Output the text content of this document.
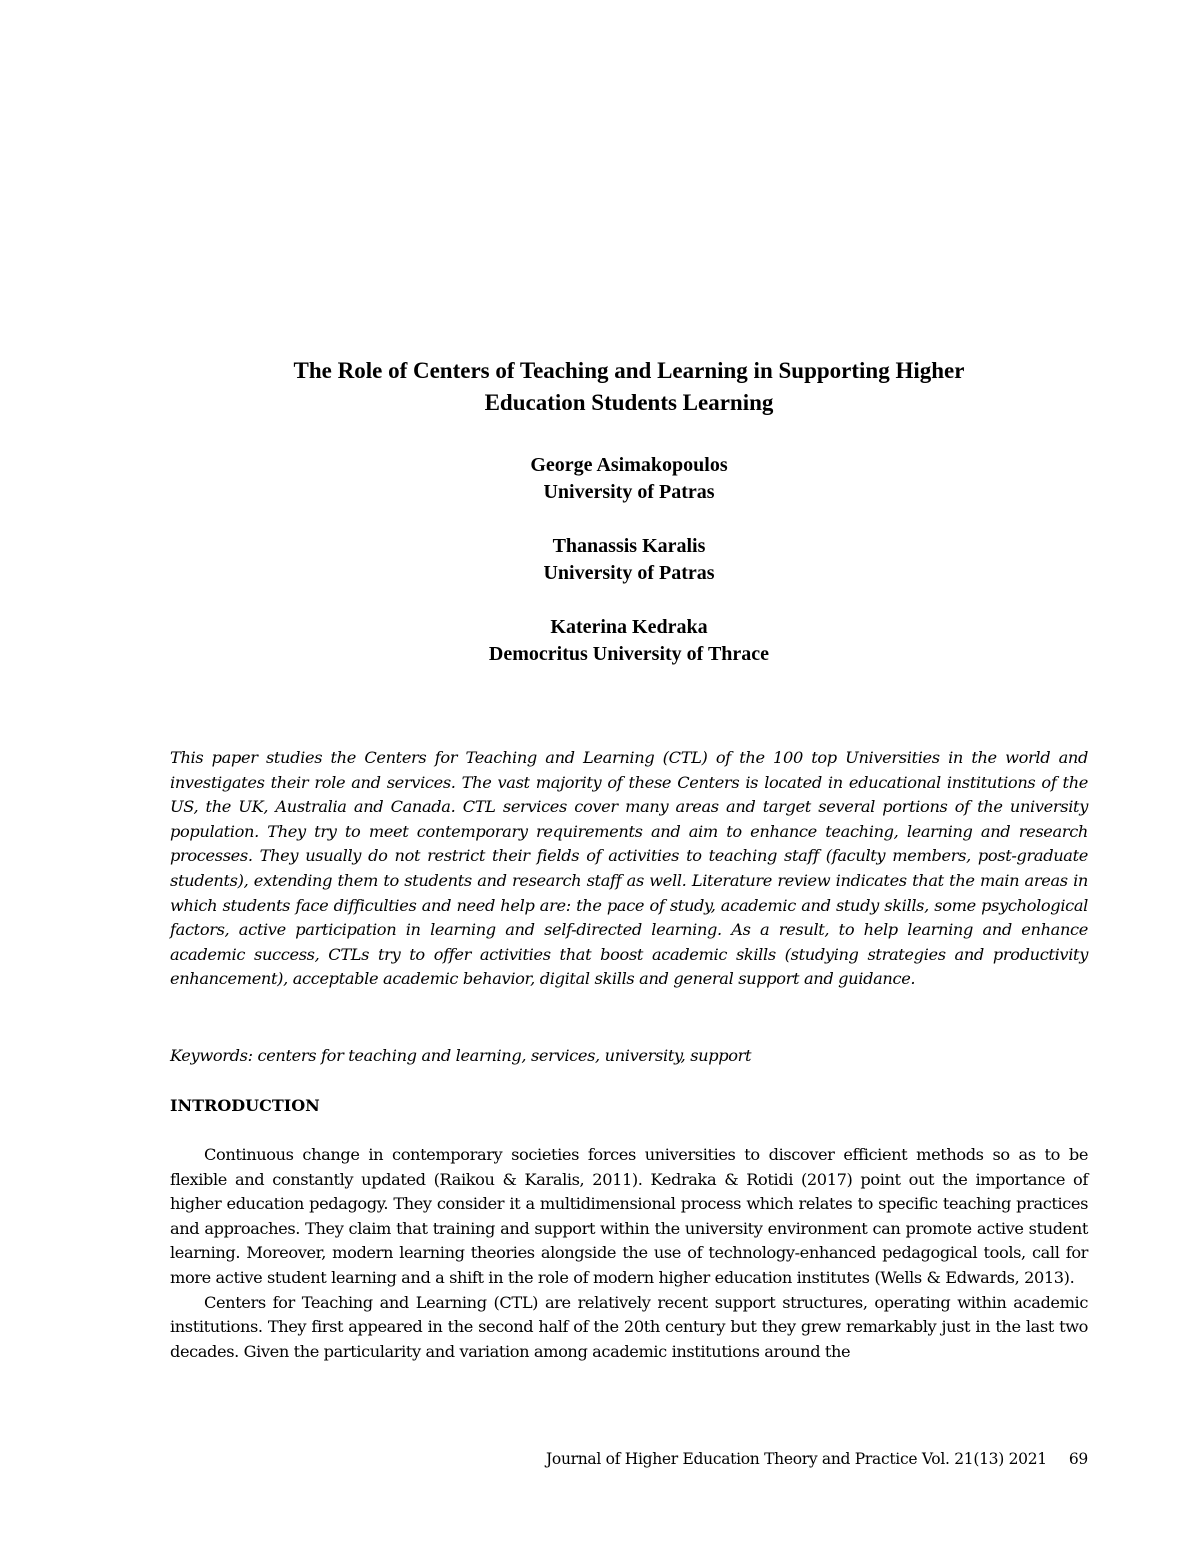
The Role of Centers of Teaching and Learning in Supporting Higher
Education Students Learning
George Asimakopoulos
University of Patras
Thanassis Karalis
University of Patras
Katerina Kedraka
Democritus University of Thrace

This paper studies the Centers for Teaching and Learning (CTL) of the 100 top Universities in the world and investigates their role and services. The vast majority of these Centers is located in educational institutions of the US, the UK, Australia and Canada. CTL services cover many areas and target several portions of the university population. They try to meet contemporary requirements and aim to enhance teaching, learning and research processes. They usually do not restrict their fields of activities to teaching staff (faculty members, post-graduate students), extending them to students and research staff as well. Literature review indicates that the main areas in which students face difficulties and need help are: the pace of study, academic and study skills, some psychological factors, active participation in learning and self-directed learning. As a result, to help learning and enhance academic success, CTLs try to offer activities that boost academic skills (studying strategies and productivity enhancement), acceptable academic behavior, digital skills and general support and guidance.

Keywords: centers for teaching and learning, services, university, support

INTRODUCTION

Continuous change in contemporary societies forces universities to discover efficient methods so as to be flexible and constantly updated (Raikou & Karalis, 2011). Kedraka & Rotidi (2017) point out the importance of higher education pedagogy. They consider it a multidimensional process which relates to specific teaching practices and approaches. They claim that training and support within the university environment can promote active student learning. Moreover, modern learning theories alongside the use of technology-enhanced pedagogical tools, call for more active student learning and a shift in the role of modern higher education institutes (Wells & Edwards, 2013).

Centers for Teaching and Learning (CTL) are relatively recent support structures, operating within academic institutions. They first appeared in the second half of the 20th century but they grew remarkably just in the last two decades. Given the particularity and variation among academic institutions around the

Journal of Higher Education Theory and Practice Vol. 21(13) 2021 69
